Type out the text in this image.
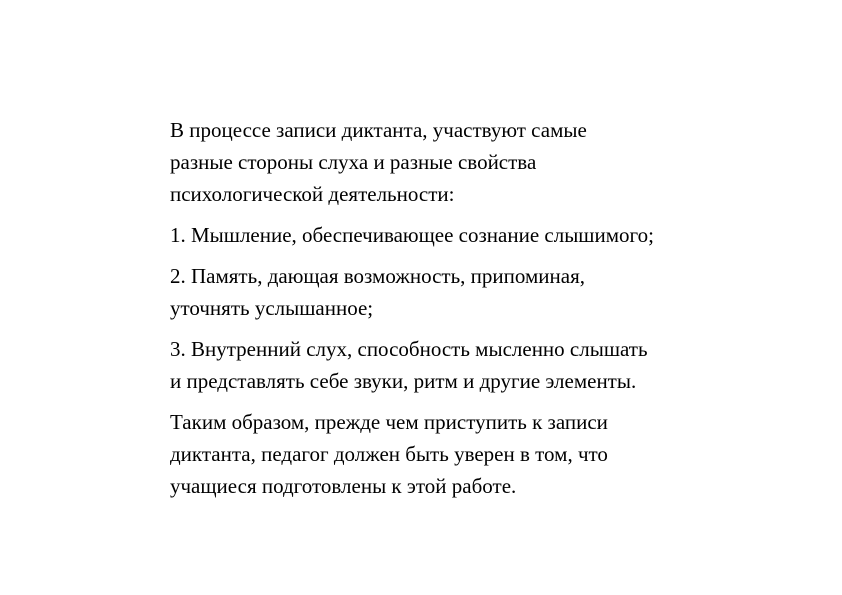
В процессе записи диктанта, участвуют самые
разные стороны слуха и разные свойства
психологической деятельности:

1. Мышление, обеспечивающее сознание слышимого;

2. Память, дающая возможность, припоминая,
уточнять услышанное;

3. Внутренний слух, способность мысленно слышать
и представлять себе звуки, ритм и другие элементы.

Таким образом, прежде чем приступить к записи
диктанта, педагог должен быть уверен в том, что
учащиеся подготовлены к этой работе.
